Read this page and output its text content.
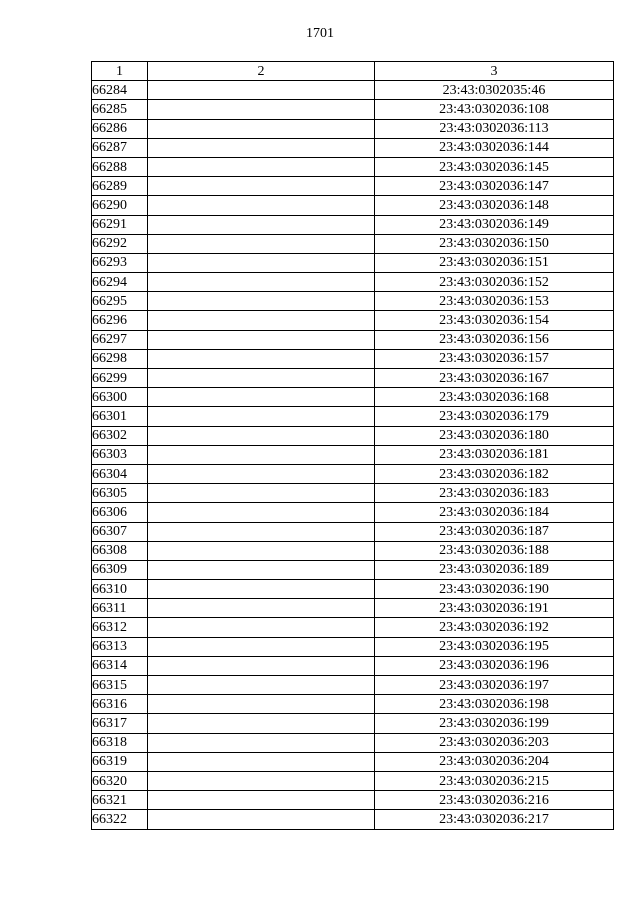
1701
1	2	3
66284		23:43:0302035:46
66285		23:43:0302036:108
66286		23:43:0302036:113
66287		23:43:0302036:144
66288		23:43:0302036:145
66289		23:43:0302036:147
66290		23:43:0302036:148
66291		23:43:0302036:149
66292		23:43:0302036:150
66293		23:43:0302036:151
66294		23:43:0302036:152
66295		23:43:0302036:153
66296		23:43:0302036:154
66297		23:43:0302036:156
66298		23:43:0302036:157
66299		23:43:0302036:167
66300		23:43:0302036:168
66301		23:43:0302036:179
66302		23:43:0302036:180
66303		23:43:0302036:181
66304		23:43:0302036:182
66305		23:43:0302036:183
66306		23:43:0302036:184
66307		23:43:0302036:187
66308		23:43:0302036:188
66309		23:43:0302036:189
66310		23:43:0302036:190
66311		23:43:0302036:191
66312		23:43:0302036:192
66313		23:43:0302036:195
66314		23:43:0302036:196
66315		23:43:0302036:197
66316		23:43:0302036:198
66317		23:43:0302036:199
66318		23:43:0302036:203
66319		23:43:0302036:204
66320		23:43:0302036:215
66321		23:43:0302036:216
66322		23:43:0302036:217
